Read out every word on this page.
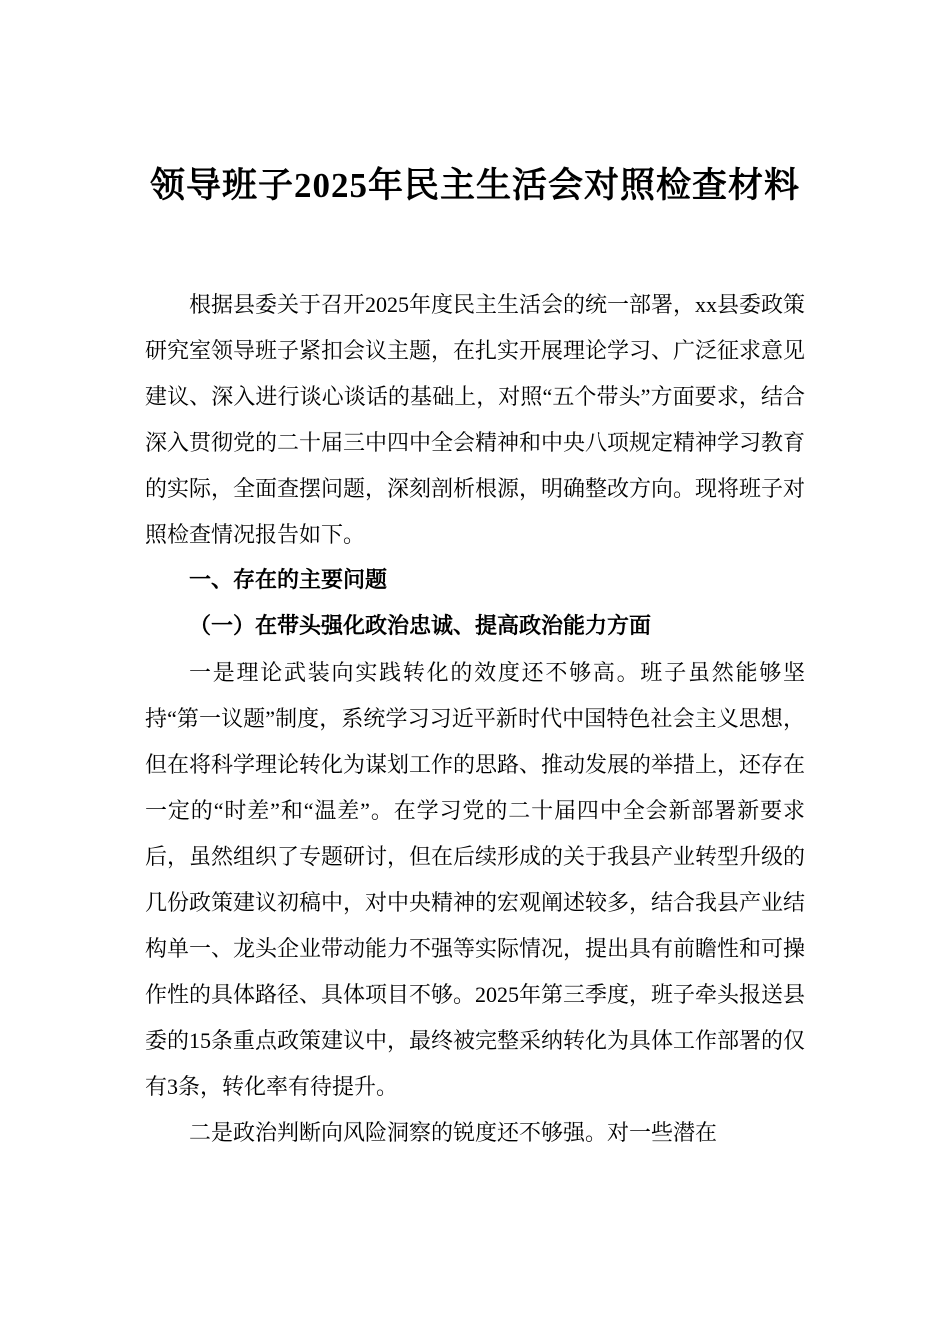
领导班子2025年民主生活会对照检查材料

根据县委关于召开2025年度民主生活会的统一部署，xx县委政策研究室领导班子紧扣会议主题，在扎实开展理论学习、广泛征求意见建议、深入进行谈心谈话的基础上，对照“五个带头”方面要求，结合深入贯彻党的二十届三中四中全会精神和中央八项规定精神学习教育的实际，全面查摆问题，深刻剖析根源，明确整改方向。现将班子对照检查情况报告如下。

一、存在的主要问题
（一）在带头强化政治忠诚、提高政治能力方面

一是理论武装向实践转化的效度还不够高。班子虽然能够坚持“第一议题”制度，系统学习习近平新时代中国特色社会主义思想，但在将科学理论转化为谋划工作的思路、推动发展的举措上，还存在一定的“时差”和“温差”。在学习党的二十届四中全会新部署新要求后，虽然组织了专题研讨，但在后续形成的关于我县产业转型升级的几份政策建议初稿中，对中央精神的宏观阐述较多，结合我县产业结构单一、龙头企业带动能力不强等实际情况，提出具有前瞻性和可操作性的具体路径、具体项目不够。2025年第三季度，班子牵头报送县委的15条重点政策建议中，最终被完整采纳转化为具体工作部署的仅有3条，转化率有待提升。

二是政治判断向风险洞察的锐度还不够强。对一些潜在
